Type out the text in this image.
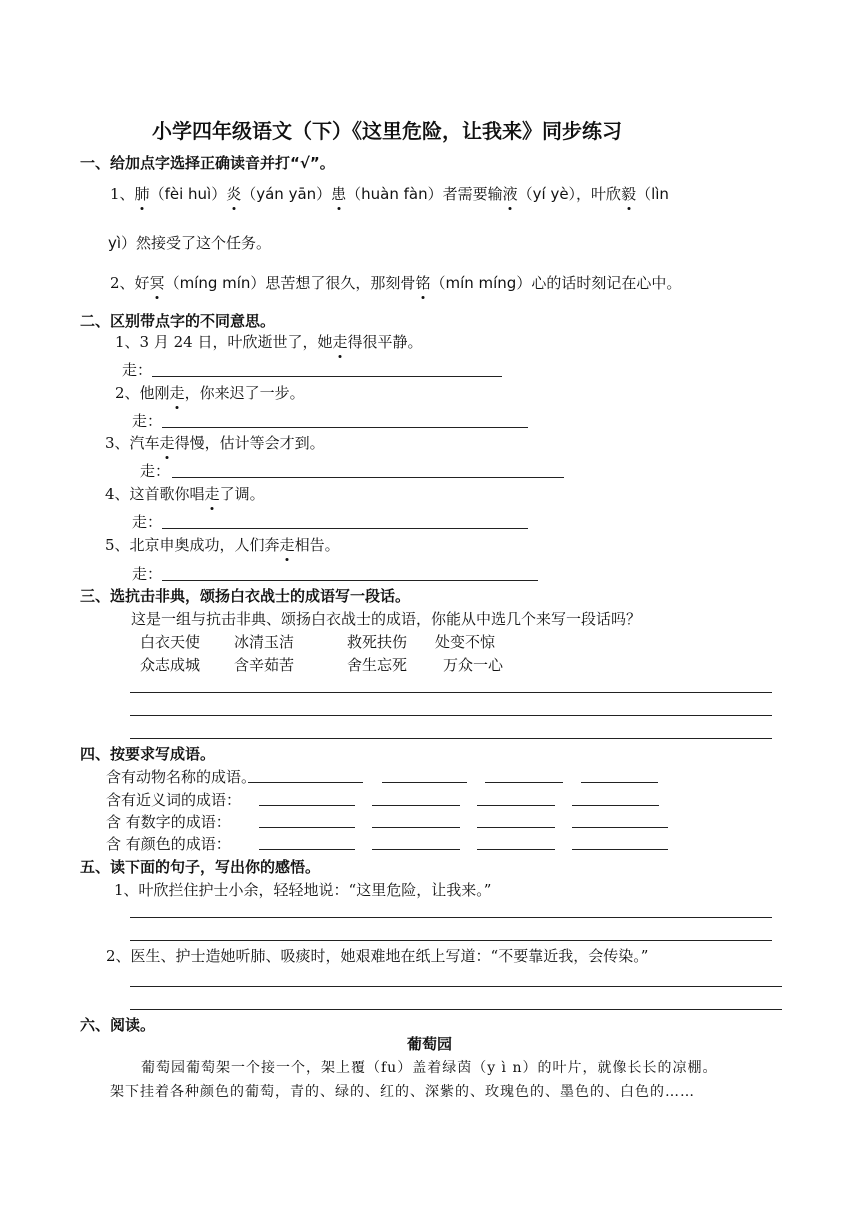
小学四年级语文（下）《这里危险，让我来》同步练习
一、给加点字选择正确读音并打“√”。
1、肺（fèi huì）炎（yán yān）患（huàn fàn）者需要输液（yí yè），叶欣毅（lìn
yì）然接受了这个任务。
2、好冥（míng mín）思苦想了很久，那刻骨铭（mín míng）心的话时刻记在心中。
二、区别带点字的不同意思。
1、3 月 24 日，叶欣逝世了，她走得很平静。
走：
2、他刚走，你来迟了一步。
走：
3、汽车走得慢，估计等会才到。
走：
4、这首歌你唱走了调。
走：
5、北京申奥成功，人们奔走相告。
走：
三、选抗击非典，颂扬白衣战士的成语写一段话。
这是一组与抗击非典、颂扬白衣战士的成语，你能从中选几个来写一段话吗？
白衣天使 冰清玉洁	救死扶伤 处变不惊
众志成城 含辛茹苦	舍生忘死 万众一心
四、按要求写成语。
含有动物名称的成语。
含有近义词的成语：
含 有数字的成语：
含 有颜色的成语：
五、读下面的句子，写出你的感悟。
1、叶欣拦住护士小余，轻轻地说：“这里危险，让我来。”
2、医生、护士造她听肺、吸痰时，她艰难地在纸上写道：“不要靠近我，会传染。”
六、阅读。
葡萄园
葡萄园葡萄架一个接一个，架上覆（fu）盖着绿茵（y ì n）的叶片，就像长长的凉棚。
架下挂着各种颜色的葡萄，青的、绿的、红的、深紫的、玫瑰色的、墨色的、白色的……
